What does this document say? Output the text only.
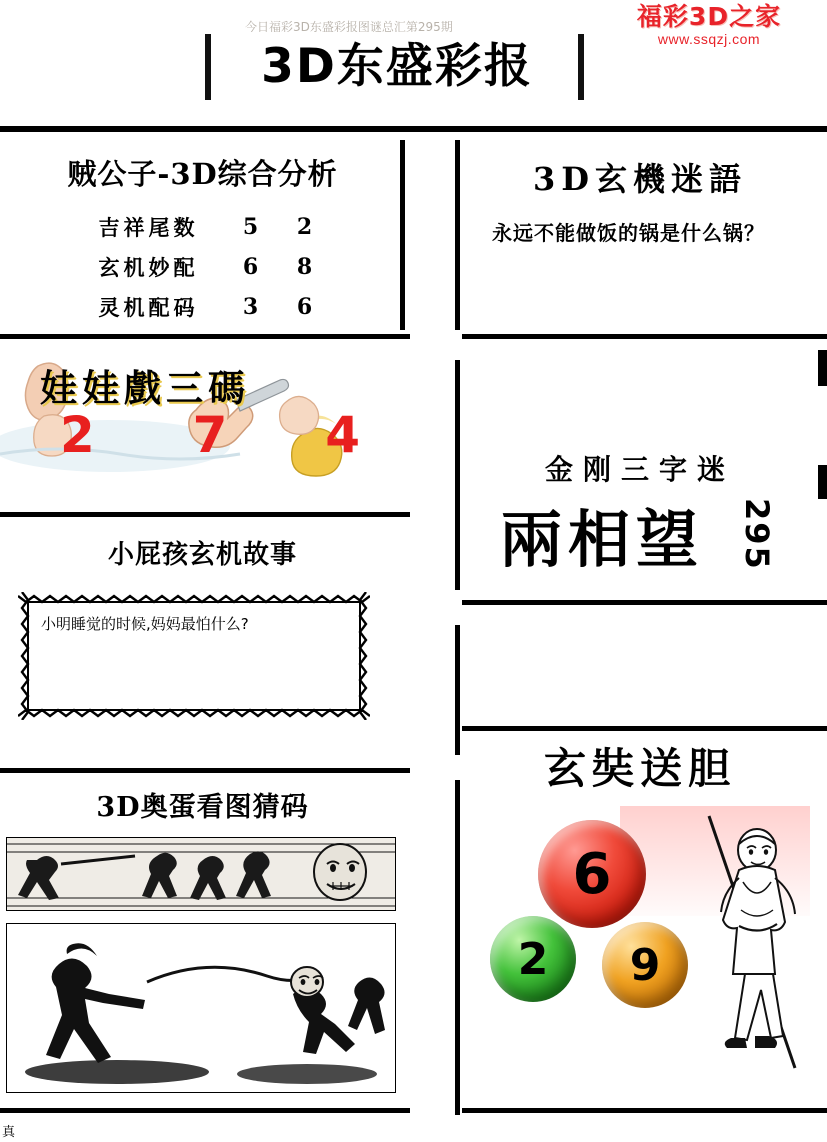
福彩3D之家
www.ssqzj.com
今日福彩3D东盛彩报图谜总汇第295期
3D东盛彩报
贼公子-3D综合分析
吉祥尾数	5	2
玄机妙配	6	8
灵机配码	3	6
娃娃戲三碼
2 7 4
小屁孩玄机故事
小明睡觉的时候,妈妈最怕什么?
3D奥蛋看图猜码
3D玄機迷語
永远不能做饭的锅是什么锅？
金刚三字迷
兩相望 295
玄奘送胆
6
2	9
真
